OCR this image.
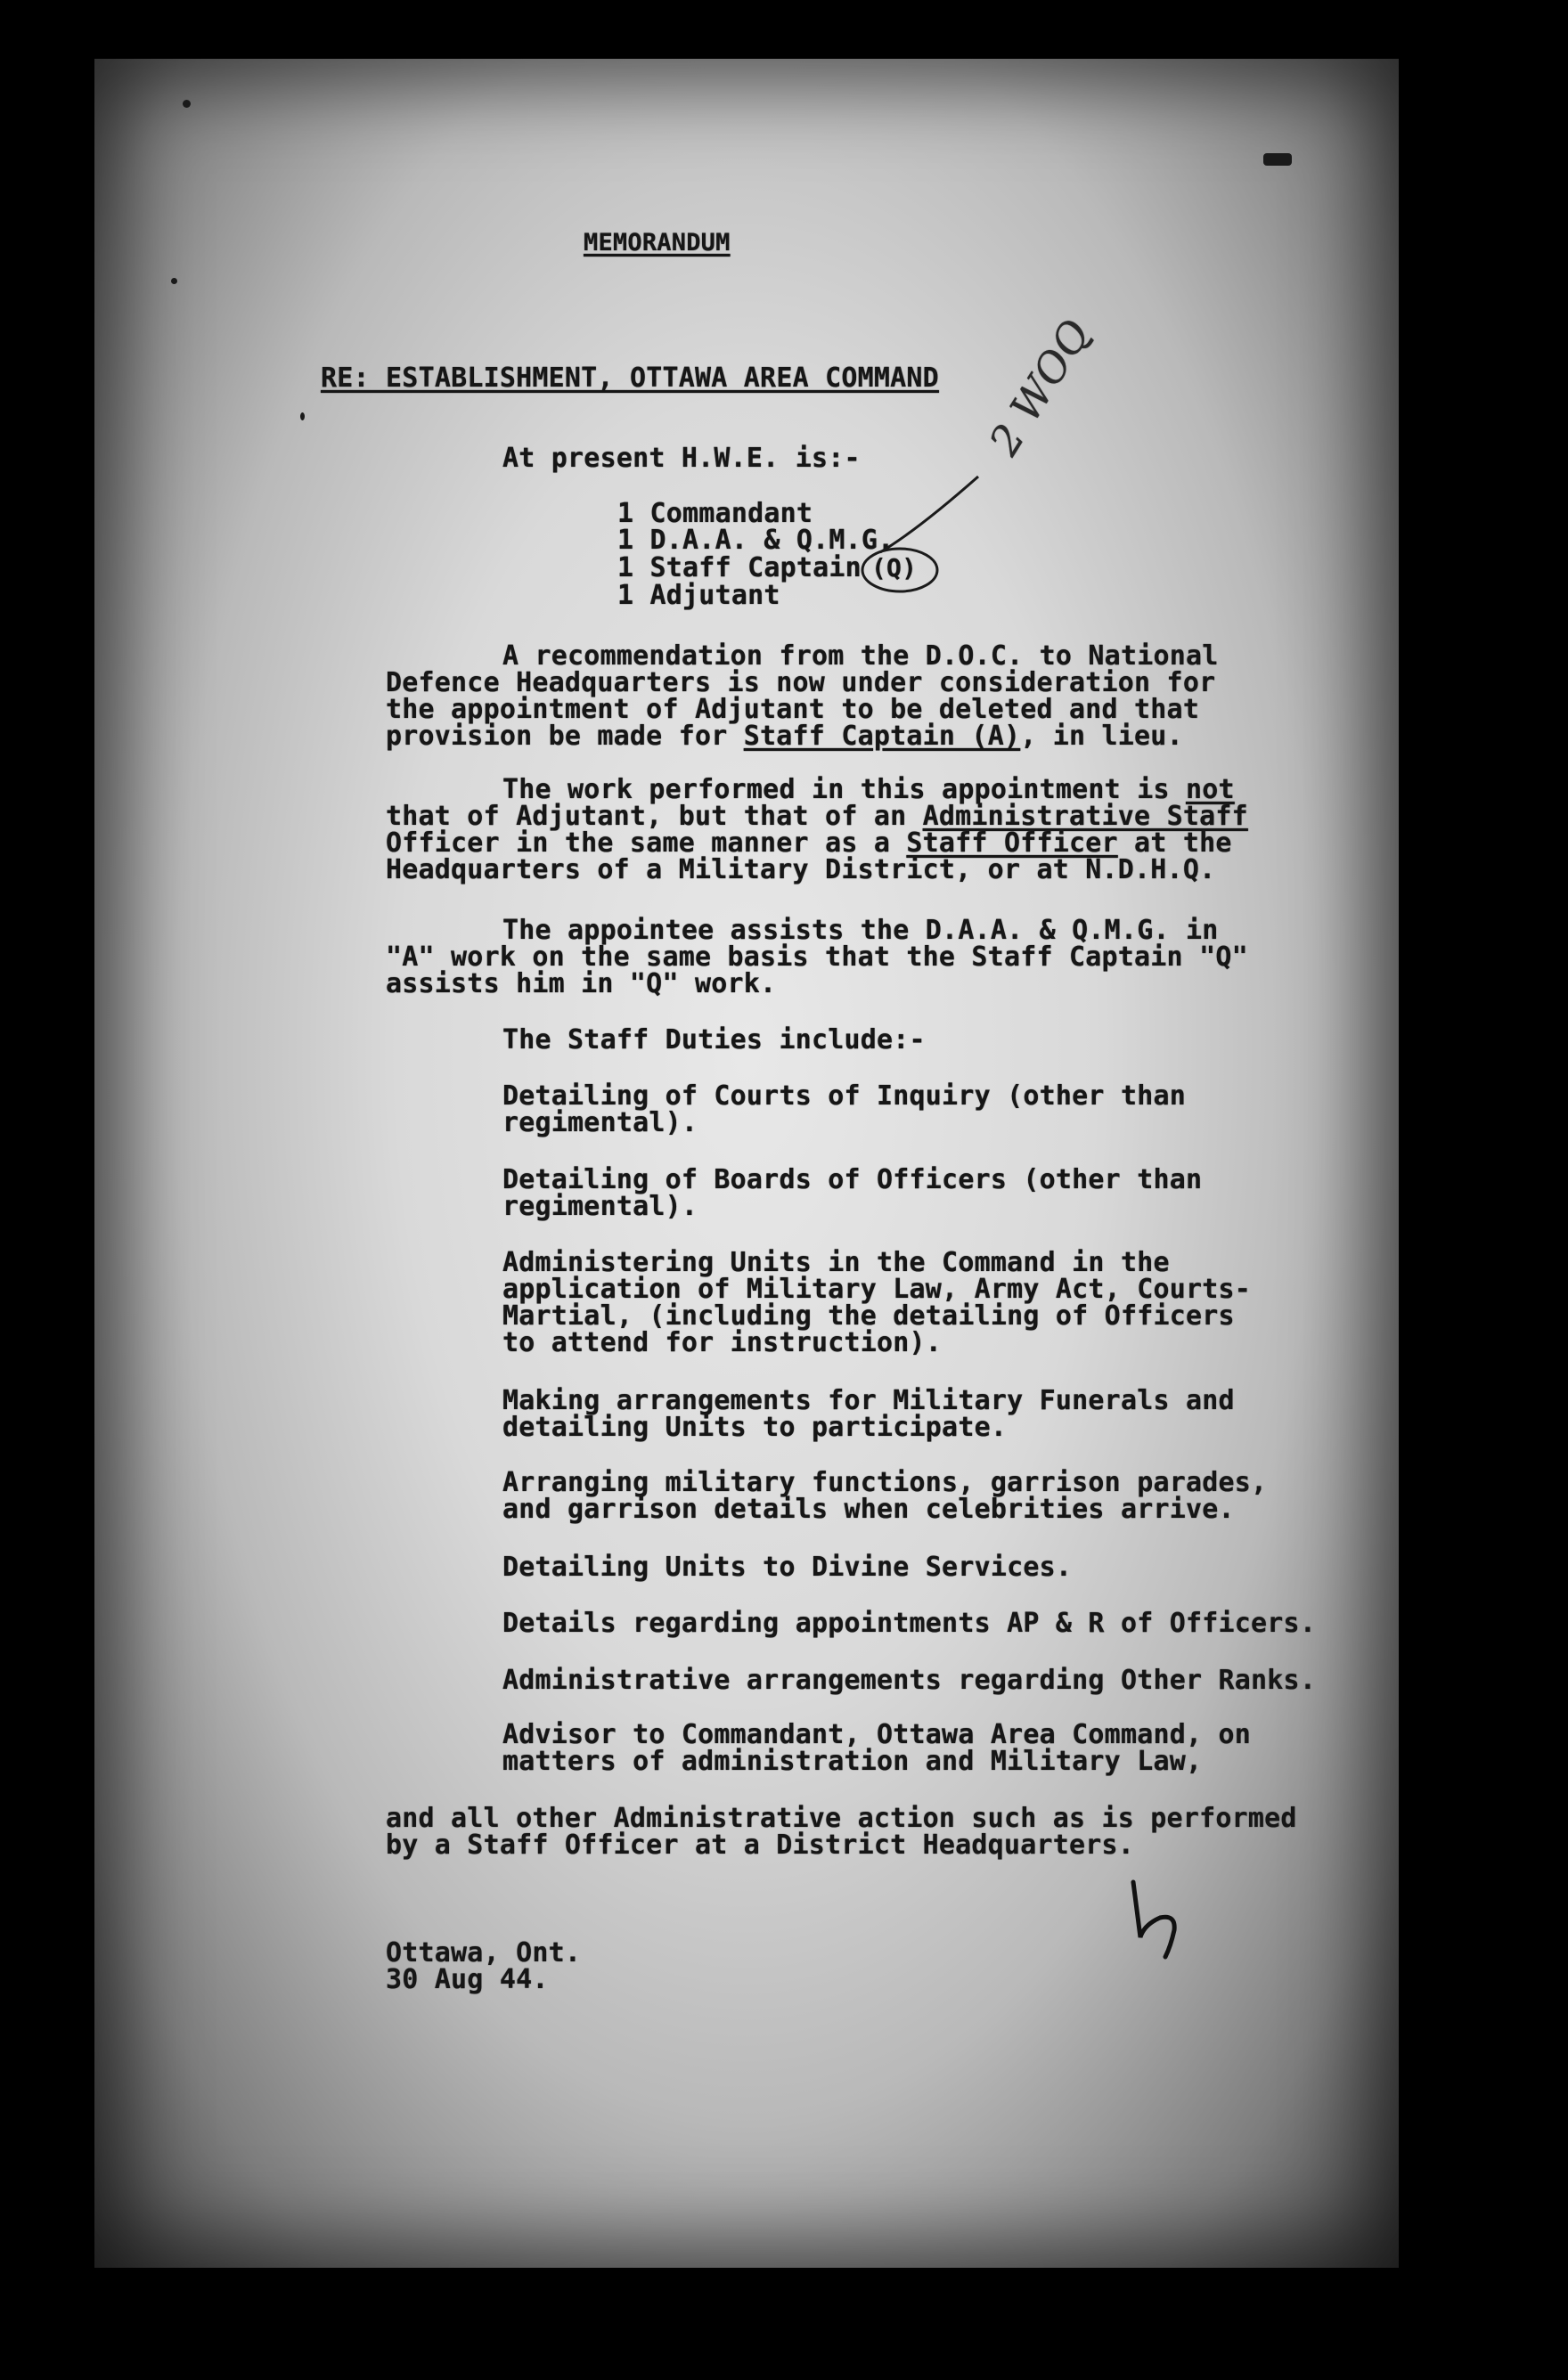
MEMORANDUM
RE: ESTABLISHMENT, OTTAWA AREA COMMAND
At present H.W.E. is:-
1 Commandant
1 D.A.A. & Q.M.G.
1 Staff Captain
1 Adjutant
(Q)
2 WOQ
A recommendation from the D.O.C. to National
Defence Headquarters is now under consideration for
the appointment of Adjutant to be deleted and that
provision be made for Staff Captain (A), in lieu.
The work performed in this appointment is not
that of Adjutant, but that of an Administrative Staff
Officer in the same manner as a Staff Officer at the
Headquarters of a Military District, or at N.D.H.Q.
The appointee assists the D.A.A. & Q.M.G. in
"A" work on the same basis that the Staff Captain "Q"
assists him in "Q" work.
The Staff Duties include:-
Detailing of Courts of Inquiry (other than
regimental).
Detailing of Boards of Officers (other than
regimental).
Administering Units in the Command in the
application of Military Law, Army Act, Courts-
Martial, (including the detailing of Officers
to attend for instruction).
Making arrangements for Military Funerals and
detailing Units to participate.
Arranging military functions, garrison parades,
and garrison details when celebrities arrive.
Detailing Units to Divine Services.
Details regarding appointments AP & R of Officers.
Administrative arrangements regarding Other Ranks.
Advisor to Commandant, Ottawa Area Command, on
matters of administration and Military Law,
and all other Administrative action such as is performed
by a Staff Officer at a District Headquarters.
Ottawa, Ont.
30 Aug 44.
